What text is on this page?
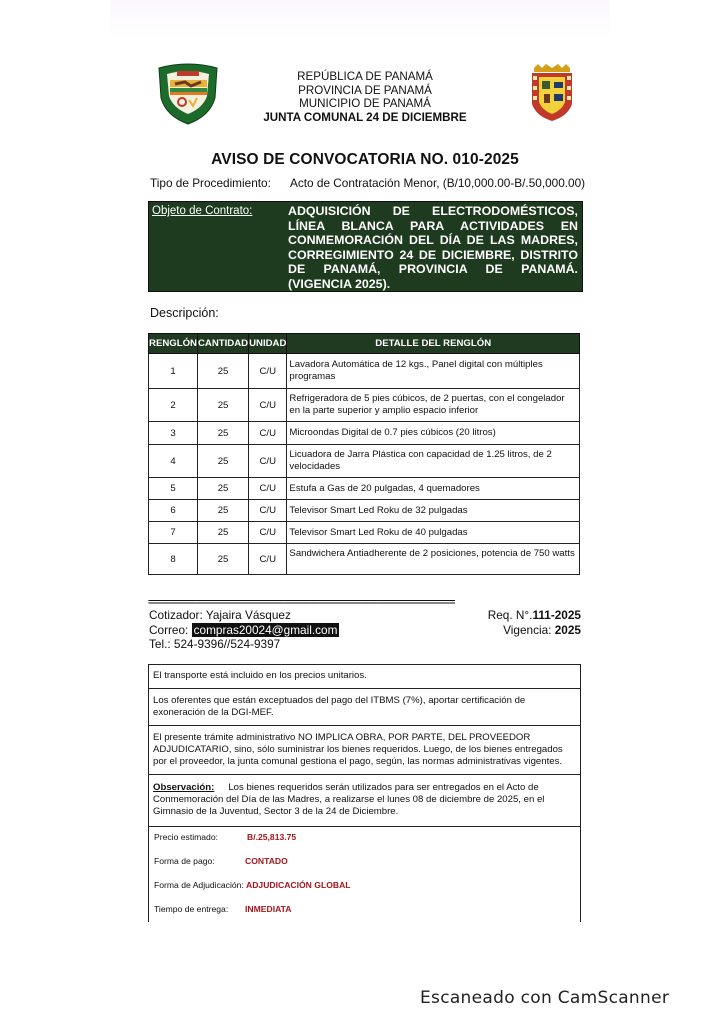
REPÚBLICA DE PANAMÁ
PROVINCIA DE PANAMÁ
MUNICIPIO DE PANAMÁ
JUNTA COMUNAL 24 DE DICIEMBRE
AVISO DE CONVOCATORIA NO. 010-2025
Tipo de Procedimiento: Acto de Contratación Menor, (B/10,000.00-B/.50,000.00)
Objeto de Contrato:	ADQUISICIÓN DE ELECTRODOMÉSTICOS, LÍNEA BLANCA PARA ACTIVIDADES EN CONMEMORACIÓN DEL DÍA DE LAS MADRES, CORREGIMIENTO 24 DE DICIEMBRE, DISTRITO DE PANAMÁ, PROVINCIA DE PANAMÁ. (VIGENCIA 2025).
Descripción:
RENGLÓN	CANTIDAD	UNIDAD	DETALLE DEL RENGLÓN
1	25	C/U	Lavadora Automática de 12 kgs., Panel digital con múltiples programas
2	25	C/U	Refrigeradora de 5 pies cúbicos, de 2 puertas, con el congelador en la parte superior y amplio espacio inferior
3	25	C/U	Microondas Digital de 0.7 pies cúbicos (20 litros)
4	25	C/U	Licuadora de Jarra Plástica con capacidad de 1.25 litros, de 2 velocidades
5	25	C/U	Estufa a Gas de 20 pulgadas, 4 quemadores
6	25	C/U	Televisor Smart Led Roku de 32 pulgadas
7	25	C/U	Televisor Smart Led Roku de 40 pulgadas
8	25	C/U	Sandwichera Antiadherente de 2 posiciones, potencia de 750 watts
========================================================================
Cotizador: Yajaira Vásquez
Correo: compras20024@gmail.com
Tel.: 524-9396//524-9397
Req. N°.111-2025
Vigencia: 2025
El transporte está incluido en los precios unitarios.
Los oferentes que están exceptuados del pago del ITBMS (7%), aportar certificación de exoneración de la DGI-MEF.
El presente trámite administrativo NO IMPLICA OBRA, POR PARTE, DEL PROVEEDOR ADJUDICATARIO, sino, sólo suministrar los bienes requeridos. Luego, de los bienes entregados por el proveedor, la junta comunal gestiona el pago, según, las normas administrativas vigentes.
Observación: Los bienes requeridos serán utilizados para ser entregados en el Acto de Conmemoración del Día de las Madres, a realizarse el lunes 08 de diciembre de 2025, en el Gimnasio de la Juventud, Sector 3 de la 24 de Diciembre.
Precio estimado:	B/.25,813.75
Forma de pago:	CONTADO
Forma de Adjudicación: ADJUDICACIÓN GLOBAL
Tiempo de entrega: INMEDIATA
Escaneado con CamScanner
